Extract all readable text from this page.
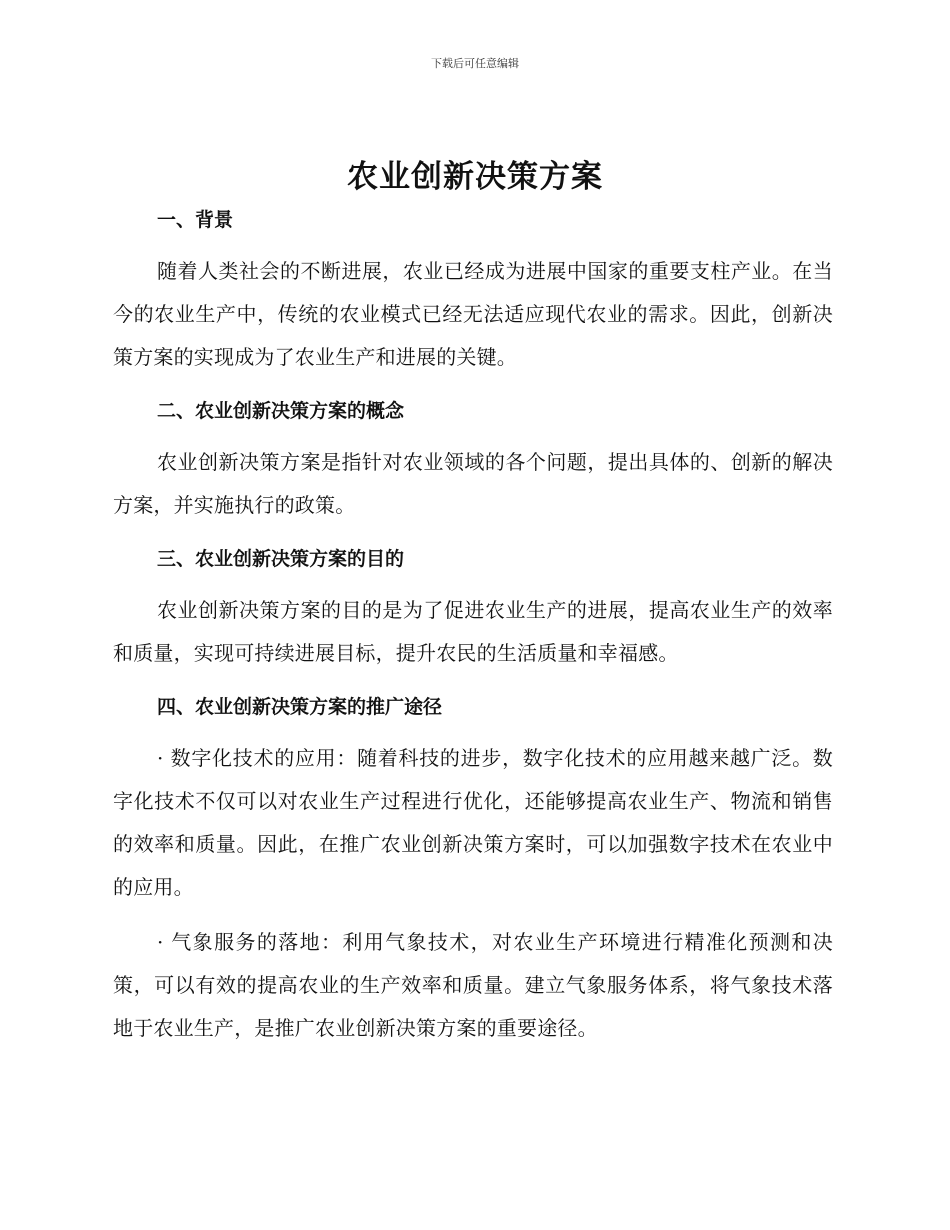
下载后可任意编辑
农业创新决策方案

一、背景

随着人类社会的不断进展，农业已经成为进展中国家的重要支柱产业。在当今的农业生产中，传统的农业模式已经无法适应现代农业的需求。因此，创新决策方案的实现成为了农业生产和进展的关键。

二、农业创新决策方案的概念

农业创新决策方案是指针对农业领域的各个问题，提出具体的、创新的解决方案，并实施执行的政策。

三、农业创新决策方案的目的

农业创新决策方案的目的是为了促进农业生产的进展，提高农业生产的效率和质量，实现可持续进展目标，提升农民的生活质量和幸福感。

四、农业创新决策方案的推广途径

· 数字化技术的应用：随着科技的进步，数字化技术的应用越来越广泛。数字化技术不仅可以对农业生产过程进行优化，还能够提高农业生产、物流和销售的效率和质量。因此，在推广农业创新决策方案时，可以加强数字技术在农业中的应用。

· 气象服务的落地：利用气象技术，对农业生产环境进行精准化预测和决策，可以有效的提高农业的生产效率和质量。建立气象服务体系，将气象技术落地于农业生产，是推广农业创新决策方案的重要途径。
